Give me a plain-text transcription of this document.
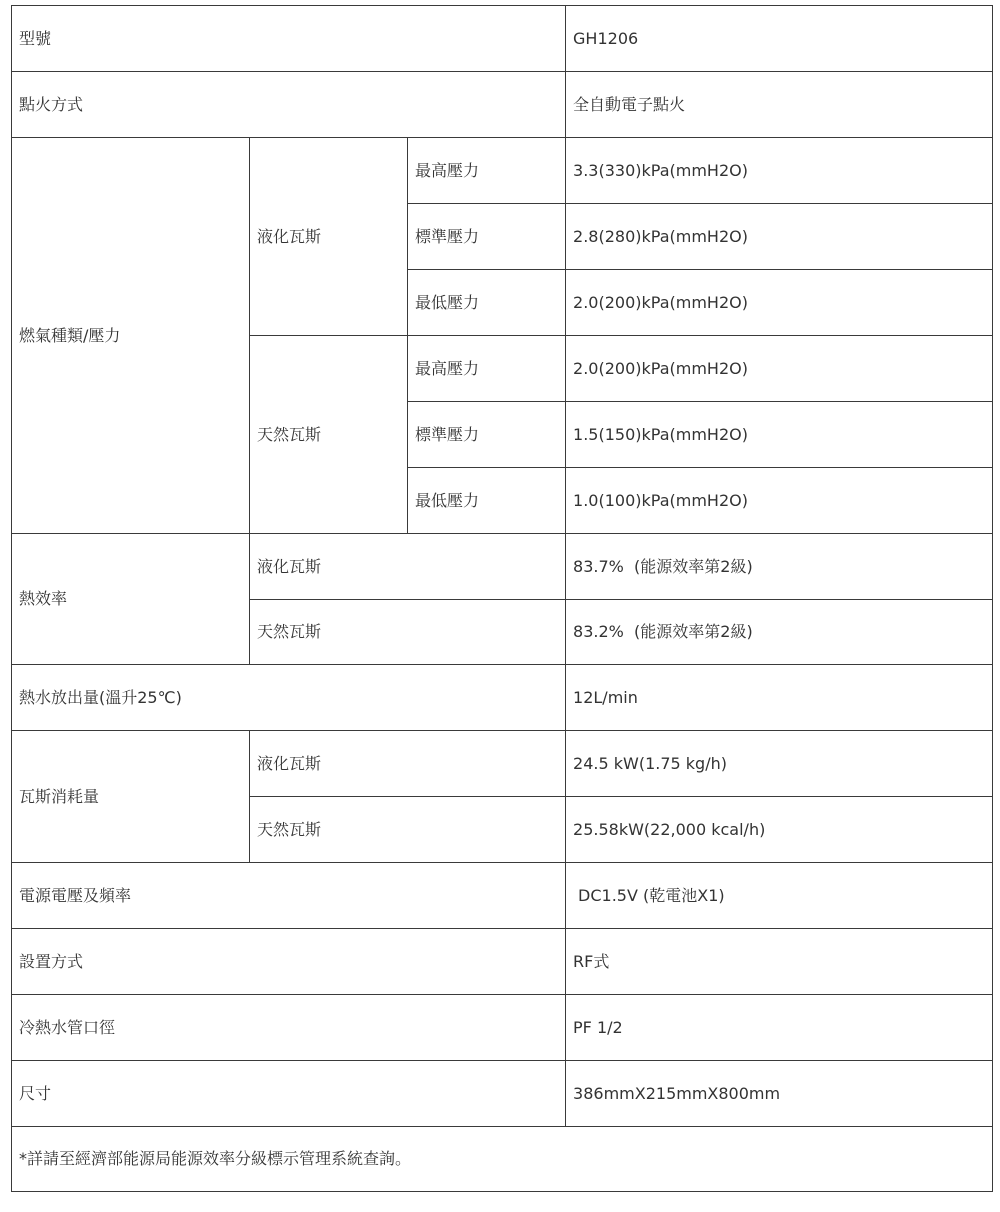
型號			GH1206
點火方式			全自動電子點火
燃氣種類/壓力	液化瓦斯	最高壓力	3.3(330)kPa(mmH2O)
		標準壓力	2.8(280)kPa(mmH2O)
		最低壓力	2.0(200)kPa(mmH2O)
	天然瓦斯	最高壓力	2.0(200)kPa(mmH2O)
		標準壓力	1.5(150)kPa(mmH2O)
		最低壓力	1.0(100)kPa(mmH2O)
熱效率	液化瓦斯		83.7%  (能源效率第2級)
	天然瓦斯		83.2%  (能源效率第2級)
熱水放出量(溫升25℃)			12L/min
瓦斯消耗量	液化瓦斯		24.5 kW(1.75 kg/h)
	天然瓦斯		25.58kW(22,000 kcal/h)
電源電壓及頻率			DC1.5V (乾電池X1)
設置方式			RF式
冷熱水管口徑			PF 1/2
尺寸			386mmX215mmX800mm
*詳請至經濟部能源局能源效率分級標示管理系統查詢。			
